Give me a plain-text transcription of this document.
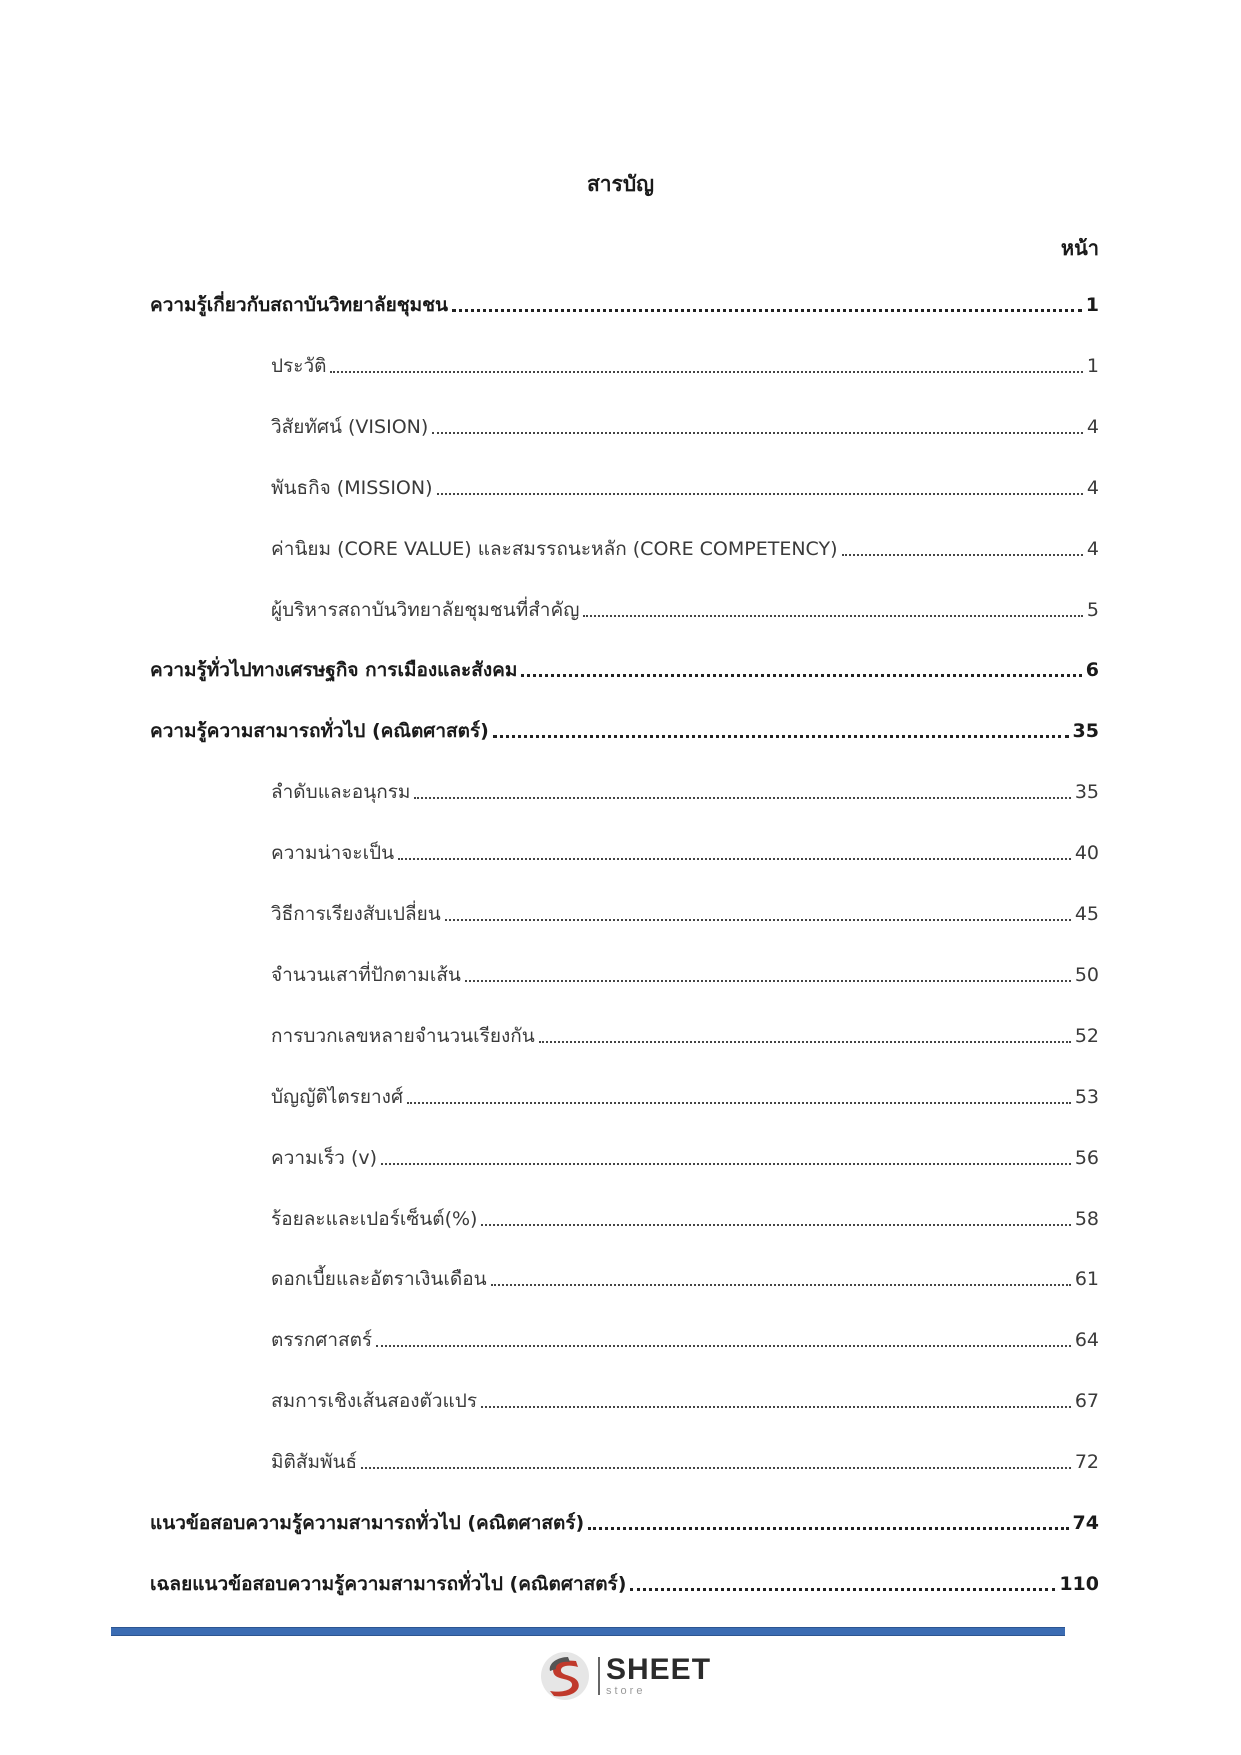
สารบัญ
หน้า
ความรู้เกี่ยวกับสถาบันวิทยาลัยชุมชน	1
ประวัติ	1
วิสัยทัศน์ (VISION)	4
พันธกิจ (MISSION)	4
ค่านิยม (CORE VALUE) และสมรรถนะหลัก (CORE COMPETENCY)	4
ผู้บริหารสถาบันวิทยาลัยชุมชนที่สำคัญ	5
ความรู้ทั่วไปทางเศรษฐกิจ การเมืองและสังคม	6
ความรู้ความสามารถทั่วไป (คณิตศาสตร์)	35
ลำดับและอนุกรม	35
ความน่าจะเป็น	40
วิธีการเรียงสับเปลี่ยน	45
จำนวนเสาที่ปักตามเส้น	50
การบวกเลขหลายจำนวนเรียงกัน	52
บัญญัติไตรยางศ์	53
ความเร็ว (v)	56
ร้อยละและเปอร์เซ็นต์(%)	58
ดอกเบี้ยและอัตราเงินเดือน	61
ตรรกศาสตร์	64
สมการเชิงเส้นสองตัวแปร	67
มิติสัมพันธ์	72
แนวข้อสอบความรู้ความสามารถทั่วไป (คณิตศาสตร์)	74
เฉลยแนวข้อสอบความรู้ความสามารถทั่วไป (คณิตศาสตร์)	110
SHEET
store
